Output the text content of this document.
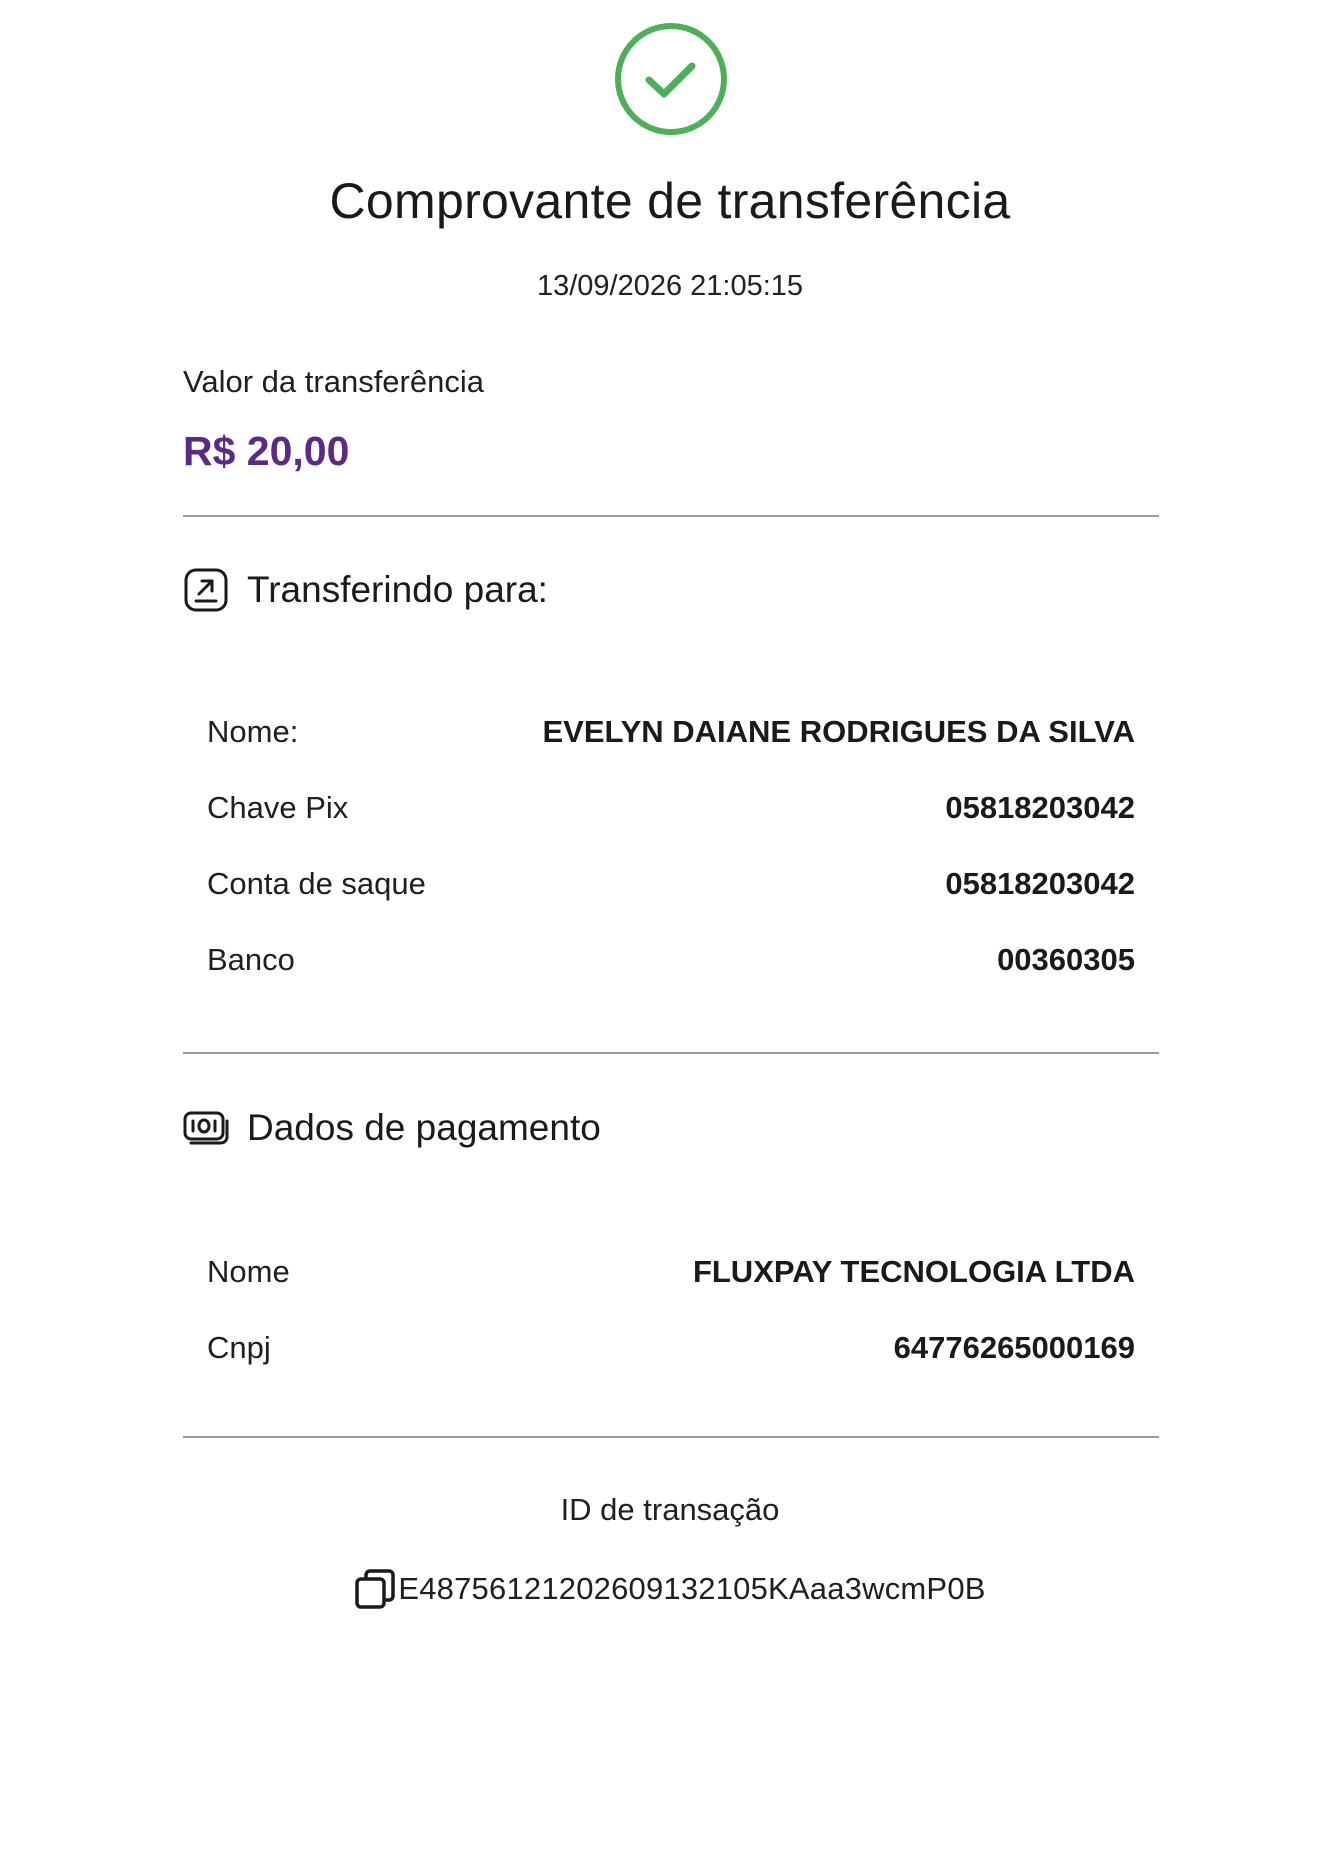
Comprovante de transferência
13/09/2026 21:05:15
Valor da transferência
R$ 20,00
Transferindo para:
Nome:	EVELYN DAIANE RODRIGUES DA SILVA
Chave Pix	05818203042
Conta de saque	05818203042
Banco	00360305
Dados de pagamento
Nome	FLUXPAY TECNOLOGIA LTDA
Cnpj	64776265000169
ID de transação
E48756121202609132105KAaa3wcmP0B
